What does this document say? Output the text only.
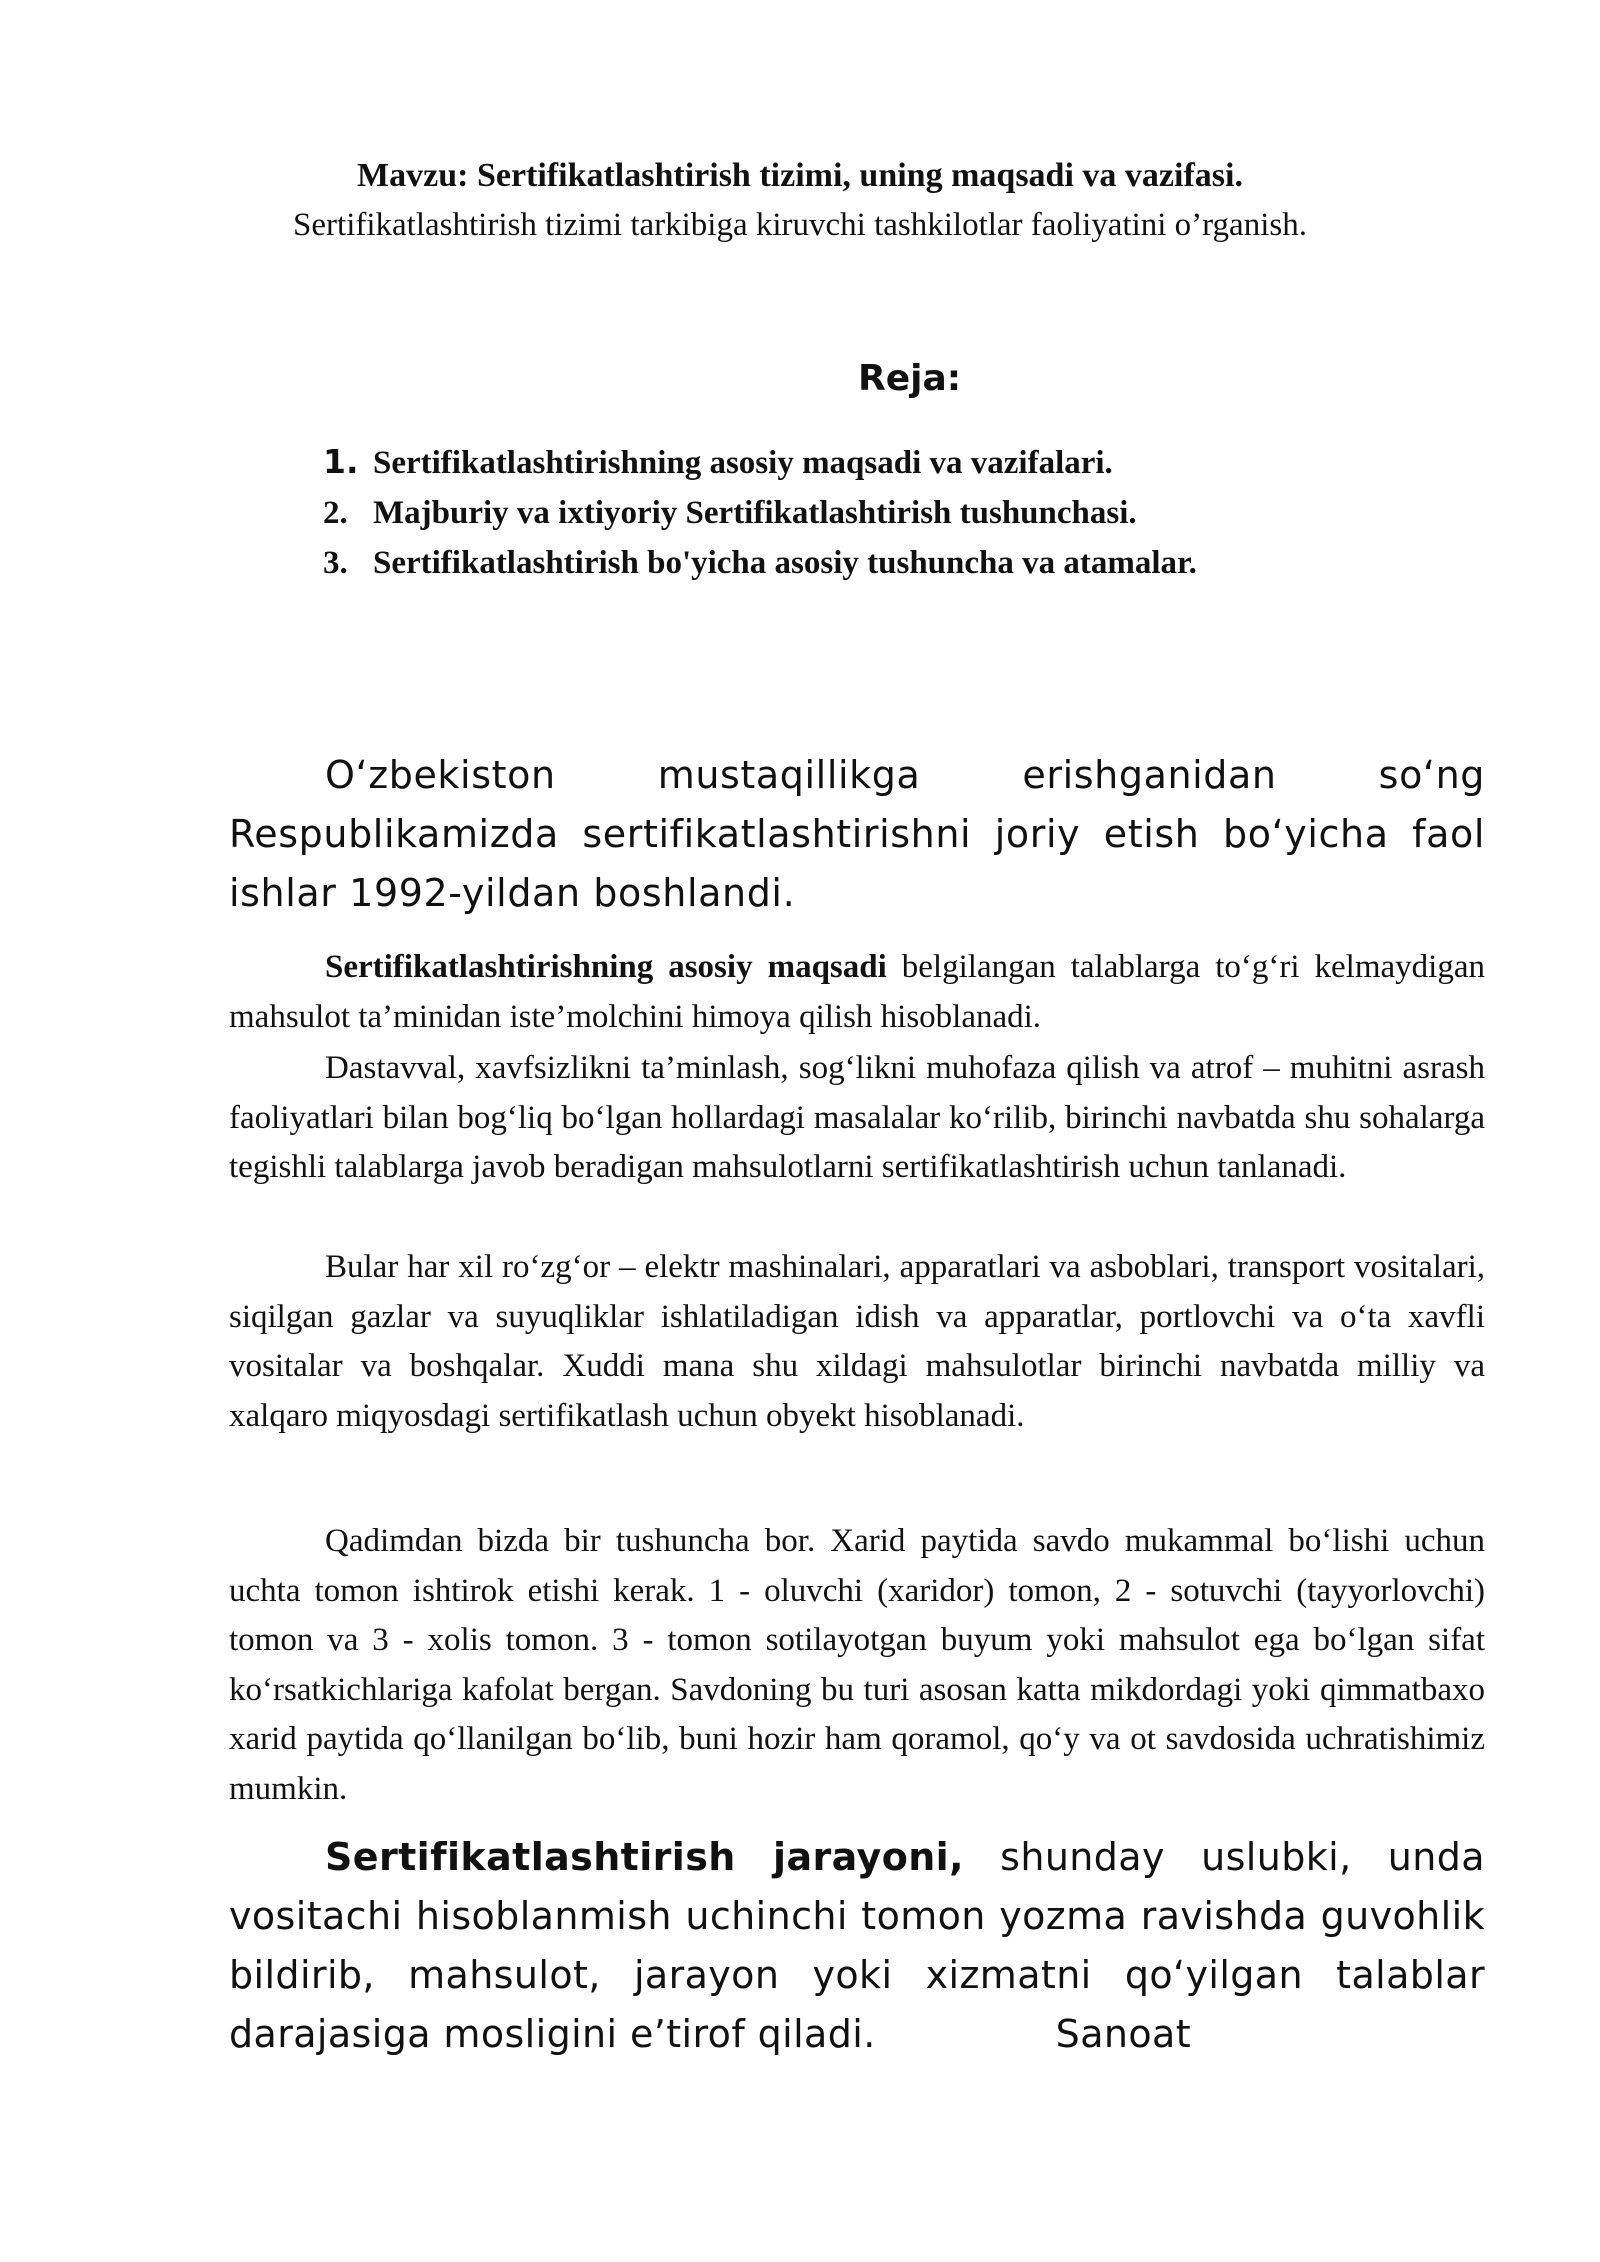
Mavzu: Sertifikatlashtirish tizimi, uning maqsadi va vazifasi.
Sertifikatlashtirish tizimi tarkibiga kiruvchi tashkilotlar faoliyatini o’rganish.
Reja:
1. Sertifikatlashtirishning asosiy maqsadi va vazifalari.
2. Majburiy va ixtiyoriy Sertifikatlashtirish tushunchasi.
3. Sertifikatlashtirish bo'yicha asosiy tushuncha va atamalar.
O‘zbekiston mustaqillikga erishganidan so‘ng Respublikamizda sertifikatlashtirishni joriy etish bo‘yicha faol ishlar 1992-yildan boshlandi.
Sertifikatlashtirishning asosiy maqsadi belgilangan talablarga to‘g‘ri kelmaydigan mahsulot ta’minidan iste’molchini himoya qilish hisoblanadi.
Dastavval, xavfsizlikni ta’minlash, sog‘likni muhofaza qilish va atrof – muhitni asrash faoliyatlari bilan bog‘liq bo‘lgan hollardagi masalalar ko‘rilib, birinchi navbatda shu sohalarga tegishli talablarga javob beradigan mahsulotlarni sertifikatlashtirish uchun tanlanadi.
Bular har xil ro‘zg‘or – elektr mashinalari, apparatlari va asboblari, transport vositalari, siqilgan gazlar va suyuqliklar ishlatiladigan idish va apparatlar, portlovchi va o‘ta xavfli vositalar va boshqalar. Xuddi mana shu xildagi mahsulotlar birinchi navbatda milliy va xalqaro miqyosdagi sertifikatlash uchun obyekt hisoblanadi.
Qadimdan bizda bir tushuncha bor. Xarid paytida savdo mukammal bo‘lishi uchun uchta tomon ishtirok etishi kerak. 1 - oluvchi (xaridor) tomon, 2 - sotuvchi (tayyorlovchi) tomon va 3 - xolis tomon. 3 - tomon sotilayotgan buyum yoki mahsulot ega bo‘lgan sifat ko‘rsatkichlariga kafolat bergan. Savdoning bu turi asosan katta mikdordagi yoki qimmatbaxo xarid paytida qo‘llanilgan bo‘lib, buni hozir ham qoramol, qo‘y va ot savdosida uchratishimiz mumkin.
Sertifikatlashtirish jarayoni, shunday uslubki, unda vositachi hisoblanmish uchinchi tomon yozma ravishda guvohlik bildirib, mahsulot, jarayon yoki xizmatni qo‘yilgan talablar darajasiga mosligini e’tirof qiladi.	Sanoat
